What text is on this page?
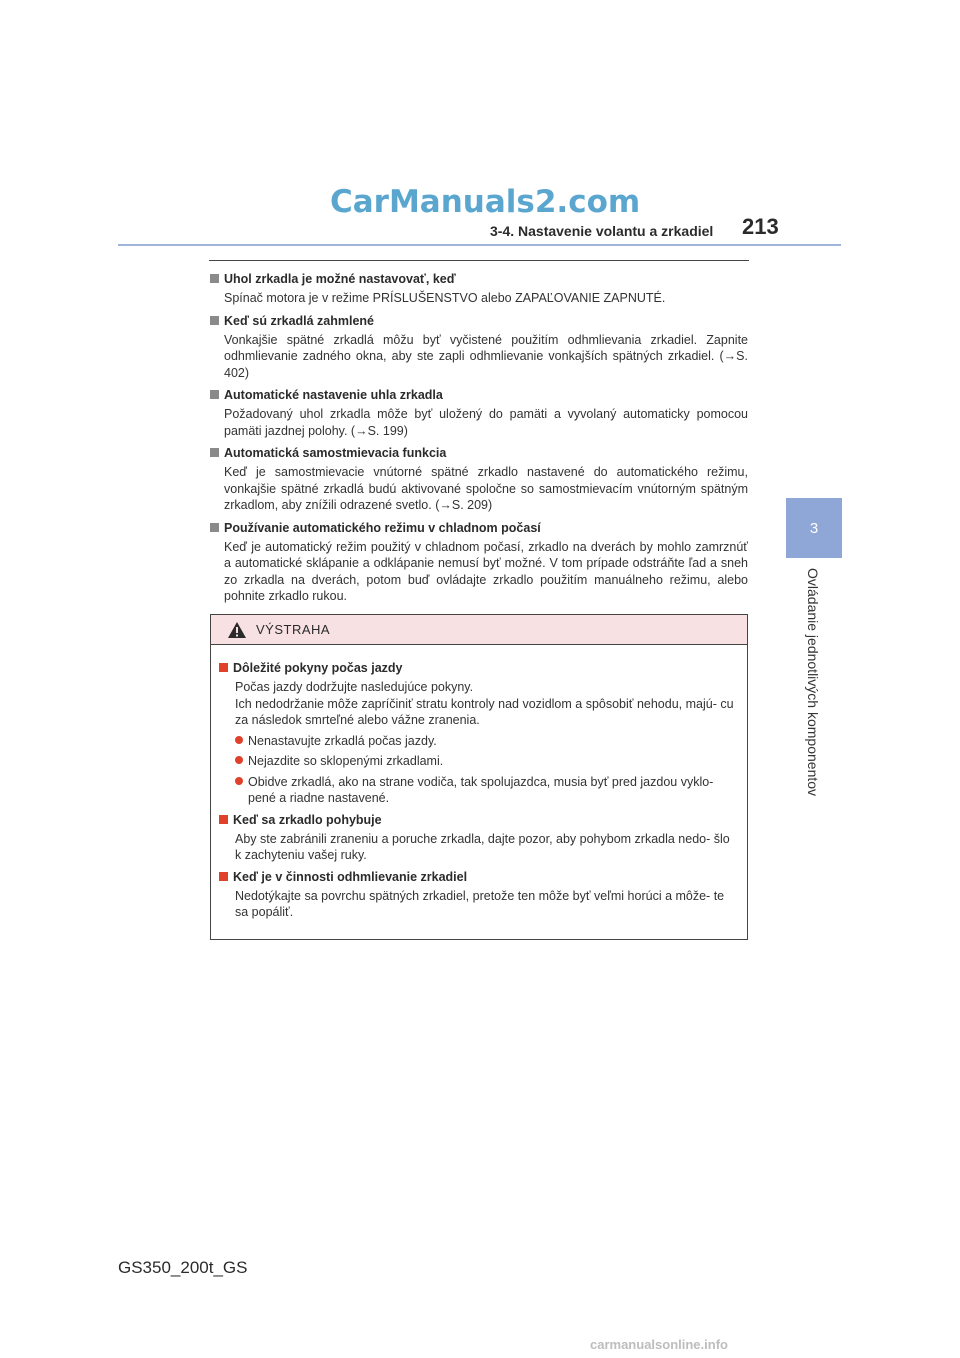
CarManuals2.com
3-4. Nastavenie volantu a zrkadiel 213
3
Ovládanie jednotlivých komponentov
Uhol zrkadla je možné nastavovať, keď
Spínač motora je v režime PRÍSLUŠENSTVO alebo ZAPAĽOVANIE ZAPNUTÉ.
Keď sú zrkadlá zahmlené
Vonkajšie spätné zrkadlá môžu byť vyčistené použitím odhmlievania zrkadiel. Zapnite odhmlievanie zadného okna, aby ste zapli odhmlievanie vonkajších spätných zrkadiel. (→S. 402)
Automatické nastavenie uhla zrkadla
Požadovaný uhol zrkadla môže byť uložený do pamäti a vyvolaný automaticky pomocou pamäti jazdnej polohy. (→S. 199)
Automatická samostmievacia funkcia
Keď je samostmievacie vnútorné spätné zrkadlo nastavené do automatického režimu, vonkajšie spätné zrkadlá budú aktivované spoločne so samostmievacím vnútorným spätným zrkadlom, aby znížili odrazené svetlo. (→S. 209)
Používanie automatického režimu v chladnom počasí
Keď je automatický režim použitý v chladnom počasí, zrkadlo na dverách by mohlo zamrznúť a automatické sklápanie a odklápanie nemusí byť možné. V tom prípade odstráňte ľad a sneh zo zrkadla na dverách, potom buď ovládajte zrkadlo použitím manuálneho režimu, alebo pohnite zrkadlo rukou.
VÝSTRAHA
Dôležité pokyny počas jazdy
Počas jazdy dodržujte nasledujúce pokyny.
Ich nedodržanie môže zapríčiniť stratu kontroly nad vozidlom a spôsobiť nehodu, majú- cu za následok smrteľné alebo vážne zranenia.
Nenastavujte zrkadlá počas jazdy.
Nejazdite so sklopenými zrkadlami.
Obidve zrkadlá, ako na strane vodiča, tak spolujazdca, musia byť pred jazdou vyklo- pené a riadne nastavené.
Keď sa zrkadlo pohybuje
Aby ste zabránili zraneniu a poruche zrkadla, dajte pozor, aby pohybom zrkadla nedo- šlo k zachyteniu vašej ruky.
Keď je v činnosti odhmlievanie zrkadiel
Nedotýkajte sa povrchu spätných zrkadiel, pretože ten môže byť veľmi horúci a môže- te sa popáliť.
GS350_200t_GS
carmanualsonline.info
